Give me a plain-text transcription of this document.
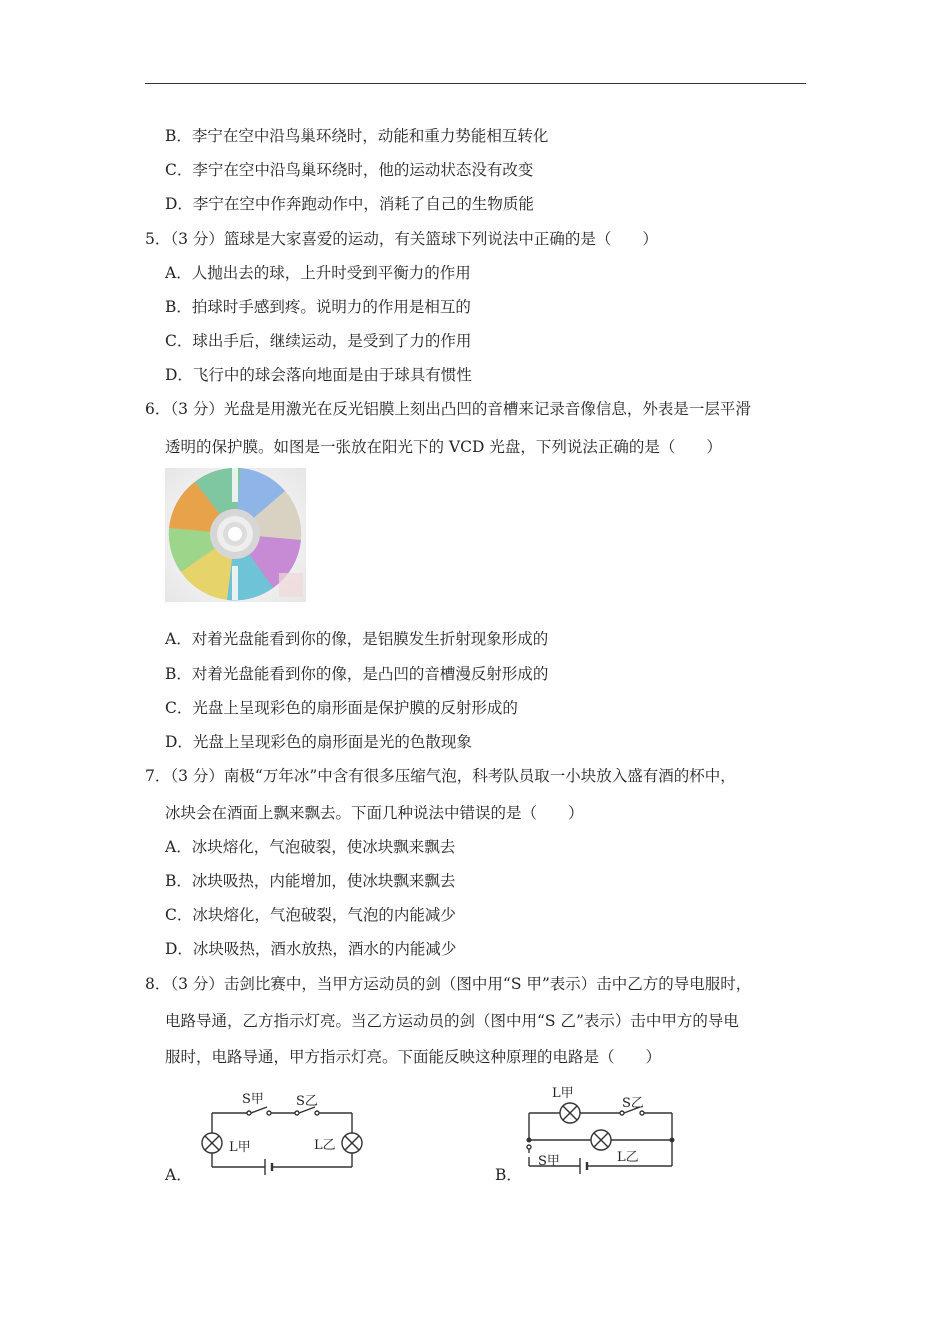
B．李宁在空中沿鸟巢环绕时，动能和重力势能相互转化
C．李宁在空中沿鸟巢环绕时，他的运动状态没有改变
D．李宁在空中作奔跑动作中，消耗了自己的生物质能
5．（3 分）篮球是大家喜爱的运动，有关篮球下列说法中正确的是（　　）
A．人抛出去的球，上升时受到平衡力的作用
B．拍球时手感到疼。说明力的作用是相互的
C．球出手后，继续运动，是受到了力的作用
D．飞行中的球会落向地面是由于球具有惯性
6．（3 分）光盘是用激光在反光铝膜上刻出凸凹的音槽来记录音像信息，外表是一层平滑
透明的保护膜。如图是一张放在阳光下的 VCD 光盘，下列说法正确的是（　　）
A．对着光盘能看到你的像，是铝膜发生折射现象形成的
B．对着光盘能看到你的像，是凸凹的音槽漫反射形成的
C．光盘上呈现彩色的扇形面是保护膜的反射形成的
D．光盘上呈现彩色的扇形面是光的色散现象
7．（3 分）南极“万年冰”中含有很多压缩气泡，科考队员取一小块放入盛有酒的杯中，
冰块会在酒面上飘来飘去。下面几种说法中错误的是（　　）
A．冰块熔化，气泡破裂，使冰块飘来飘去
B．冰块吸热，内能增加，使冰块飘来飘去
C．冰块熔化，气泡破裂，气泡的内能减少
D．冰块吸热，酒水放热，酒水的内能减少
8．（3 分）击剑比赛中，当甲方运动员的剑（图中用“S 甲”表示）击中乙方的导电服时，
电路导通，乙方指示灯亮。当乙方运动员的剑（图中用“S 乙”表示）击中甲方的导电
服时，电路导通，甲方指示灯亮。下面能反映这种原理的电路是（　　）
A．	B．
S甲 S乙
L甲	L乙
L甲
S乙
S甲	L乙
